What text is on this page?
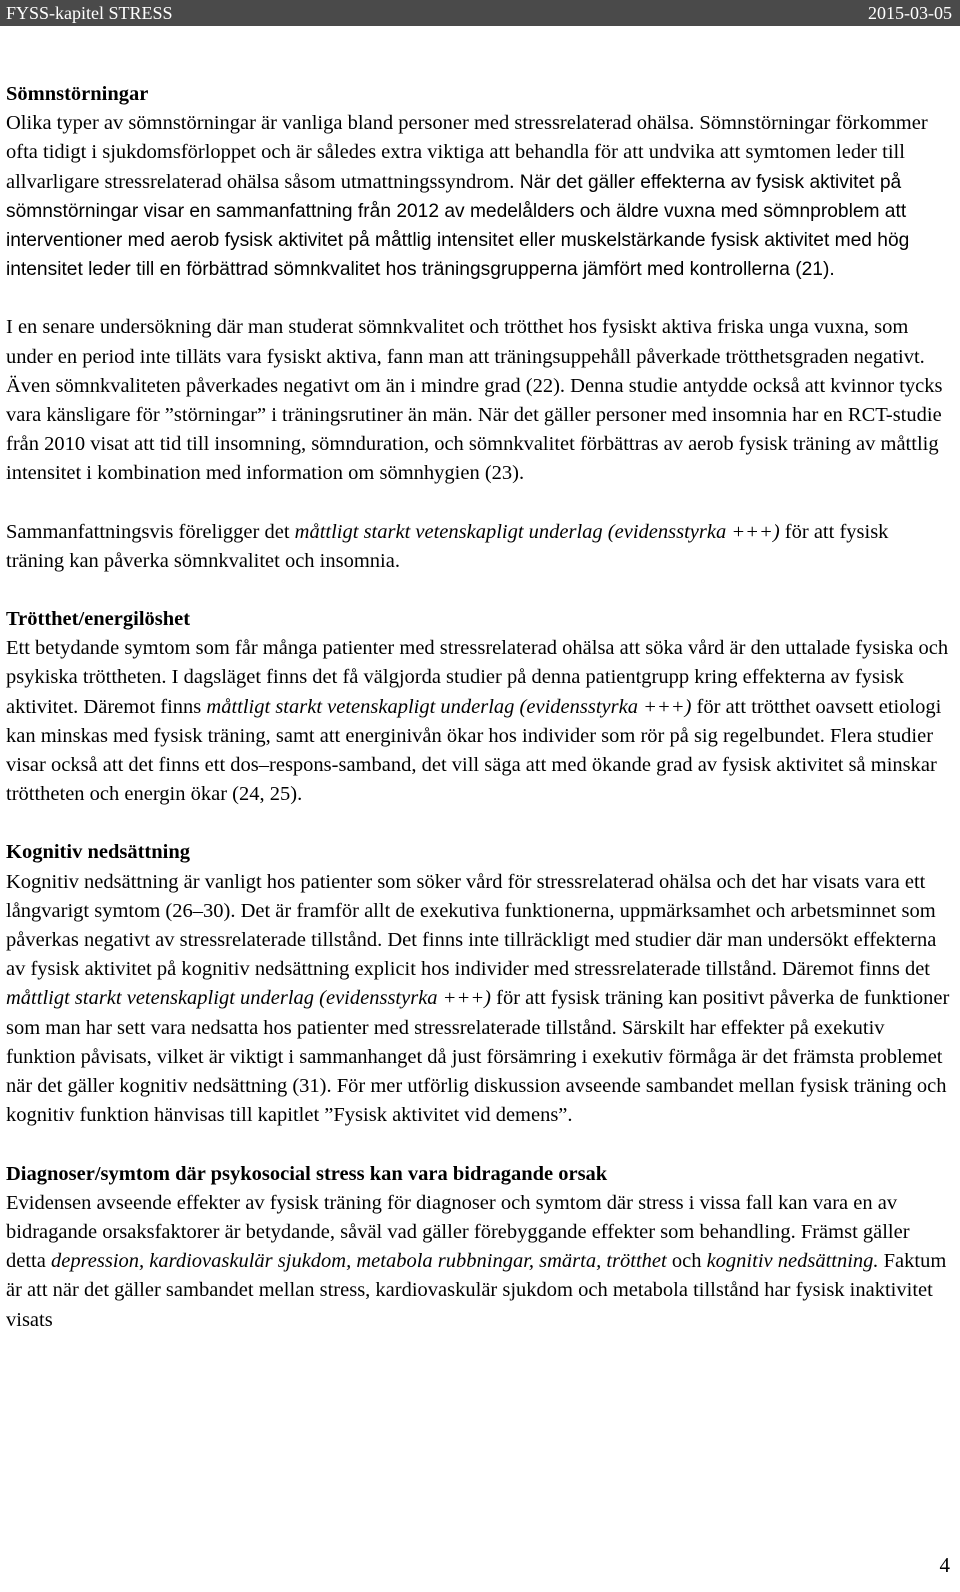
FYSS-kapitel STRESS	2015-03-05

Sömnstörningar
Olika typer av sömnstörningar är vanliga bland personer med stressrelaterad ohälsa. Sömnstörningar förkommer ofta tidigt i sjukdomsförloppet och är således extra viktiga att behandla för att undvika att symtomen leder till allvarligare stressrelaterad ohälsa såsom utmattningssyndrom. När det gäller effekterna av fysisk aktivitet på sömnstörningar visar en sammanfattning från 2012 av medelålders och äldre vuxna med sömnproblem att interventioner med aerob fysisk aktivitet på måttlig intensitet eller muskelstärkande fysisk aktivitet med hög intensitet leder till en förbättrad sömnkvalitet hos träningsgrupperna jämfört med kontrollerna (21).

I en senare undersökning där man studerat sömnkvalitet och trötthet hos fysiskt aktiva friska unga vuxna, som under en period inte tilläts vara fysiskt aktiva, fann man att träningsuppehåll påverkade trötthetsgraden negativt. Även sömnkvaliteten påverkades negativt om än i mindre grad (22). Denna studie antydde också att kvinnor tycks vara känsligare för ”störningar” i träningsrutiner än män. När det gäller personer med insomnia har en RCT-studie från 2010 visat att tid till insomning, sömnduration, och sömnkvalitet förbättras av aerob fysisk träning av måttlig intensitet i kombination med information om sömnhygien (23).

Sammanfattningsvis föreligger det måttligt starkt vetenskapligt underlag (evidensstyrka +++) för att fysisk träning kan påverka sömnkvalitet och insomnia.

Trötthet/energilöshet
Ett betydande symtom som får många patienter med stressrelaterad ohälsa att söka vård är den uttalade fysiska och psykiska tröttheten. I dagsläget finns det få välgjorda studier på denna patientgrupp kring effekterna av fysisk aktivitet. Däremot finns måttligt starkt vetenskapligt underlag (evidensstyrka +++) för att trötthet oavsett etiologi kan minskas med fysisk träning, samt att energinivån ökar hos individer som rör på sig regelbundet. Flera studier visar också att det finns ett dos–respons-samband, det vill säga att med ökande grad av fysisk aktivitet så minskar tröttheten och energin ökar (24, 25).

Kognitiv nedsättning
Kognitiv nedsättning är vanligt hos patienter som söker vård för stressrelaterad ohälsa och det har visats vara ett långvarigt symtom (26–30). Det är framför allt de exekutiva funktionerna, uppmärksamhet och arbetsminnet som påverkas negativt av stressrelaterade tillstånd. Det finns inte tillräckligt med studier där man undersökt effekterna av fysisk aktivitet på kognitiv nedsättning explicit hos individer med stressrelaterade tillstånd. Däremot finns det måttligt starkt vetenskapligt underlag (evidensstyrka +++) för att fysisk träning kan positivt påverka de funktioner som man har sett vara nedsatta hos patienter med stressrelaterade tillstånd. Särskilt har effekter på exekutiv funktion påvisats, vilket är viktigt i sammanhanget då just försämring i exekutiv förmåga är det främsta problemet när det gäller kognitiv nedsättning (31). För mer utförlig diskussion avseende sambandet mellan fysisk träning och kognitiv funktion hänvisas till kapitlet ”Fysisk aktivitet vid demens”.

Diagnoser/symtom där psykosocial stress kan vara bidragande orsak
Evidensen avseende effekter av fysisk träning för diagnoser och symtom där stress i vissa fall kan vara en av bidragande orsaksfaktorer är betydande, såväl vad gäller förebyggande effekter som behandling. Främst gäller detta depression, kardiovaskulär sjukdom, metabola rubbningar, smärta, trötthet och kognitiv nedsättning. Faktum är att när det gäller sambandet mellan stress, kardiovaskulär sjukdom och metabola tillstånd har fysisk inaktivitet visats

4
